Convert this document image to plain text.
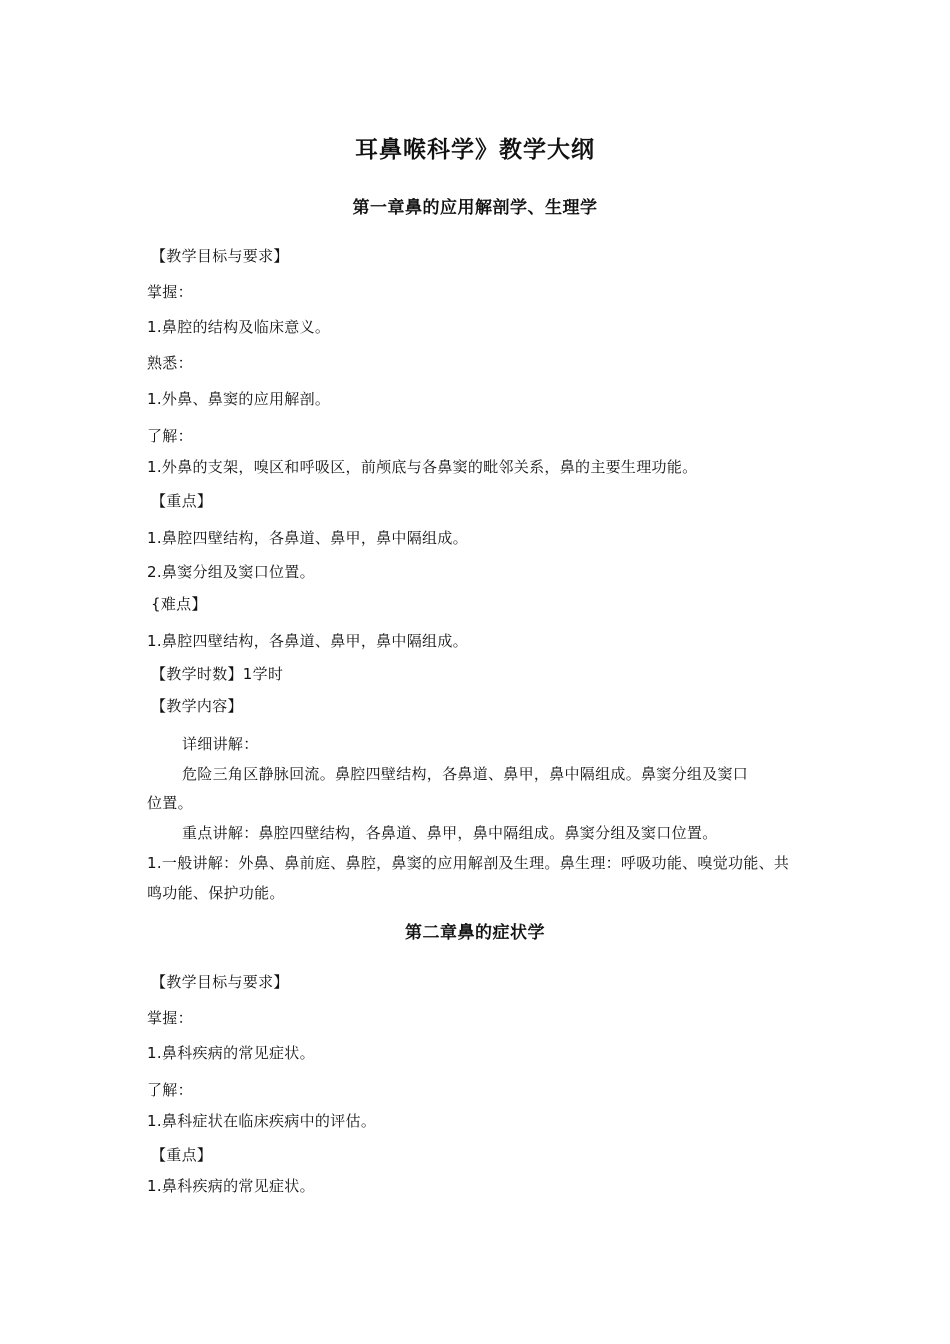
耳鼻喉科学》教学大纲
第一章鼻的应用解剖学、生理学
【教学目标与要求】
掌握：
1.鼻腔的结构及临床意义。
熟悉：
1.外鼻、鼻窦的应用解剖。
了解：
1.外鼻的支架，嗅区和呼吸区，前颅底与各鼻窦的毗邻关系，鼻的主要生理功能。
【重点】
1.鼻腔四壁结构，各鼻道、鼻甲，鼻中隔组成。
2.鼻窦分组及窦口位置。
{难点】
1.鼻腔四壁结构，各鼻道、鼻甲，鼻中隔组成。
【教学时数】1学时
【教学内容】
详细讲解：
危险三角区静脉回流。鼻腔四壁结构，各鼻道、鼻甲，鼻中隔组成。鼻窦分组及窦口
位置。
重点讲解：鼻腔四壁结构，各鼻道、鼻甲，鼻中隔组成。鼻窦分组及窦口位置。
1.一般讲解：外鼻、鼻前庭、鼻腔，鼻窦的应用解剖及生理。鼻生理：呼吸功能、嗅觉功能、共
鸣功能、保护功能。
第二章鼻的症状学
【教学目标与要求】
掌握：
1.鼻科疾病的常见症状。
了解：
1.鼻科症状在临床疾病中的评估。
【重点】
1.鼻科疾病的常见症状。
